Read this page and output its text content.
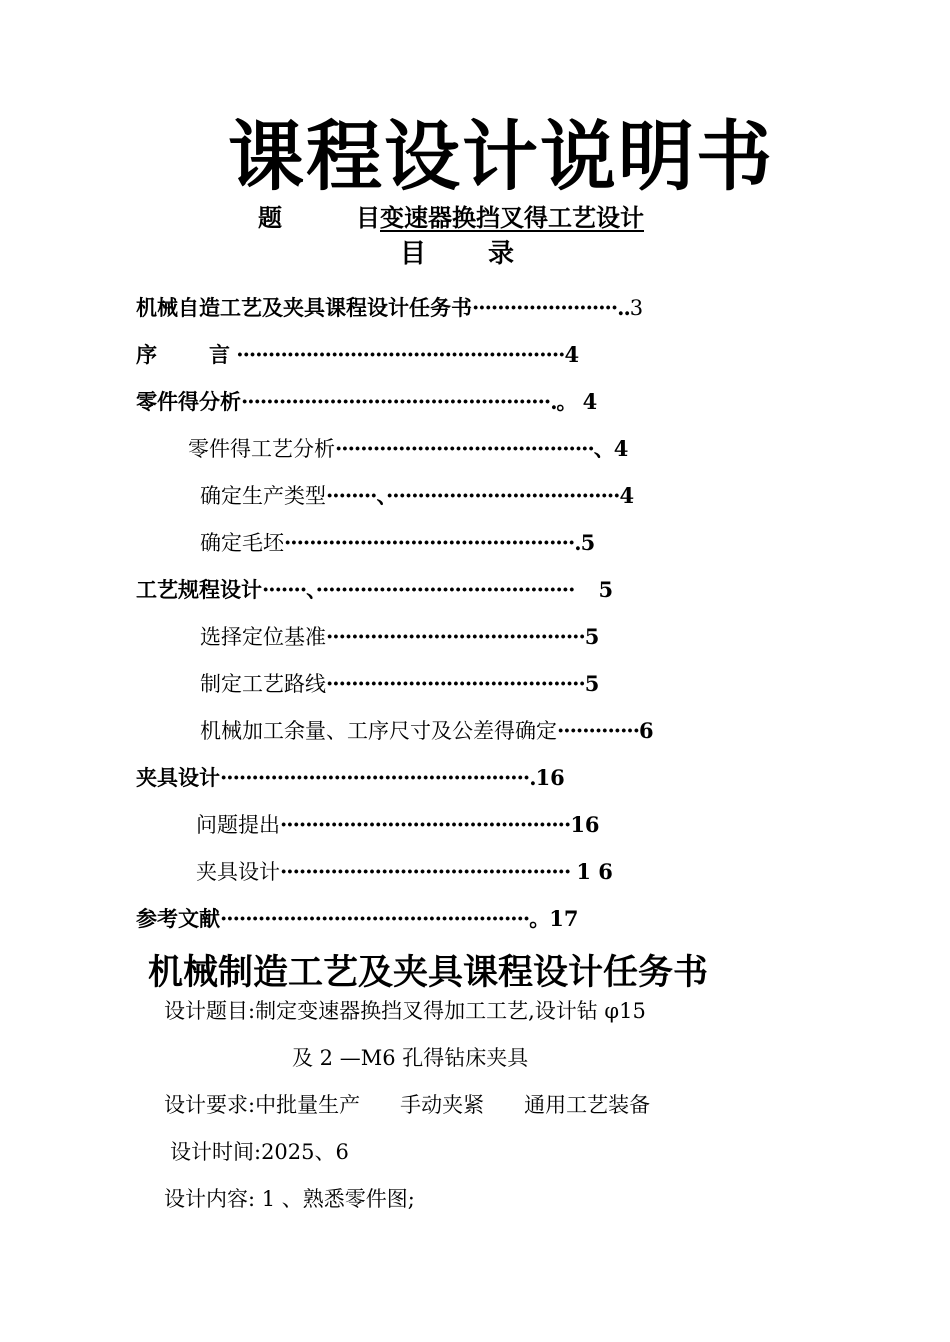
课程设计说明书
题	目 变速器换挡叉得工艺设计
目 录
机械自造工艺及夹具课程设计任务书·······················..3
序 言 ····················································4
零件得分析·················································.。 4
零件得工艺分析·········································、4
确定生产类型········、·····································4
确定毛坯··············································.5
工艺规程设计·······、········································· 5
选择定位基准·········································5
制定工艺路线·········································5
机械加工余量、工序尺寸及公差得确定·············6
夹具设计·················································.16
问题提出··············································16
夹具设计·············································· 1 6
参考文献·················································。17
机械制造工艺及夹具课程设计任务书
设计题目:制定变速器换挡叉得加工工艺,设计钻 φ15
及 2 —M6 孔得钻床夹具
设计要求:中批量生产 手动夹紧 通用工艺装备
设计时间:2025、6
设计内容: 1 、熟悉零件图;
